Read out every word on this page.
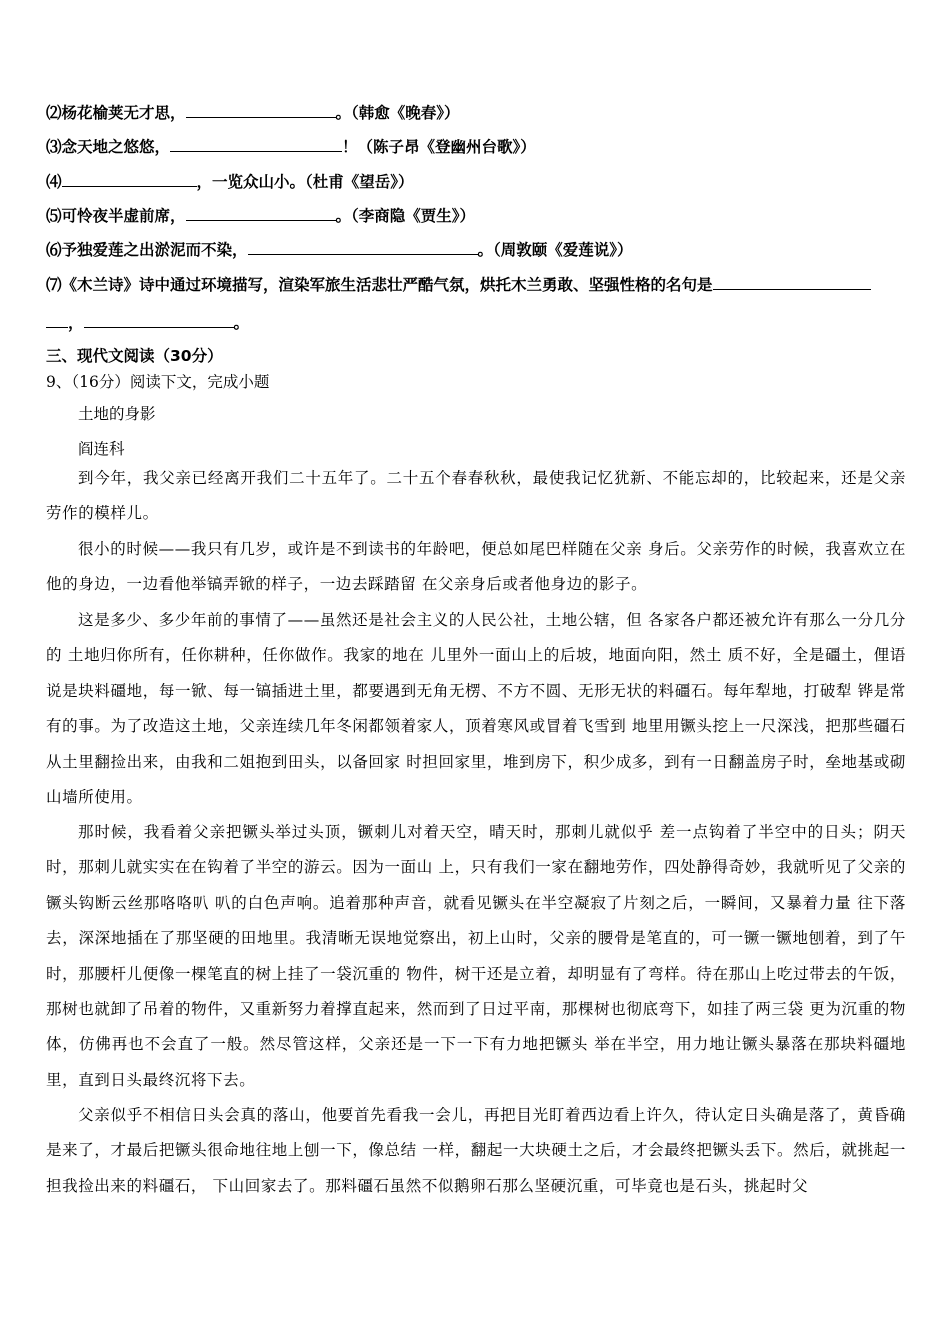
⑵杨花榆荚无才思，	。（韩愈《晚春》）
⑶念天地之悠悠，	！（陈子昂《登幽州台歌》）
⑷	，一览众山小。（杜甫《望岳》）
⑸可怜夜半虚前席，	。（李商隐《贾生》）
⑹予独爱莲之出淤泥而不染，	。（周敦颐《爱莲说》）
⑺《木兰诗》诗中通过环境描写，渲染军旅生活悲壮严酷气氛，烘托木兰勇敢、坚强性格的名句是
，	。
三、现代文阅读（30分）
9、（16分）阅读下文，完成小题
土地的身影
阎连科
到今年，我父亲已经离开我们二十五年了。二十五个春春秋秋，最使我记忆犹新、不能忘却的，比较起来，还是父亲劳作的模样儿。
很小的时候——我只有几岁，或许是不到读书的年龄吧，便总如尾巴样随在父亲 身后。父亲劳作的时候，我喜欢立在他的身边，一边看他举镐弄锨的样子，一边去踩踏留 在父亲身后或者他身边的影子。
这是多少、多少年前的事情了——虽然还是社会主义的人民公社，土地公辖，但 各家各户都还被允许有那么一分几分的 土地归你所有，任你耕种，任你做作。我家的地在 儿里外一面山上的后坡，地面向阳，然土 质不好，全是礓土，俚语说是块料礓地，每一锨、每一镐插进土里，都要遇到无角无楞、不方不圆、无形无状的料礓石。每年犁地，打破犁 铧是常有的事。为了改造这土地，父亲连续几年冬闲都领着家人，顶着寒风或冒着飞雪到 地里用镢头挖上一尺深浅，把那些礓石从土里翻捡出来，由我和二姐抱到田头，以备回家 时担回家里，堆到房下，积少成多，到有一日翻盖房子时，垒地基或砌山墙所使用。
那时候，我看着父亲把镢头举过头顶，镢刺儿对着天空，晴天时，那刺儿就似乎 差一点钩着了半空中的日头；阴天时，那刺儿就实实在在钩着了半空的游云。因为一面山 上，只有我们一家在翻地劳作，四处静得奇妙，我就听见了父亲的镢头钩断云丝那咯咯叭 叭的白色声响。追着那种声音，就看见镢头在半空凝寂了片刻之后，一瞬间，又暴着力量 往下落去，深深地插在了那坚硬的田地里。我清晰无误地觉察出，初上山时，父亲的腰骨是笔直的，可一镢一镢地刨着，到了午时，那腰杆儿便像一棵笔直的树上挂了一袋沉重的 物件，树干还是立着，却明显有了弯样。待在那山上吃过带去的午饭，那树也就卸了吊着的物件，又重新努力着撑直起来，然而到了日过平南，那棵树也彻底弯下，如挂了两三袋 更为沉重的物体，仿佛再也不会直了一般。然尽管这样，父亲还是一下一下有力地把镢头 举在半空，用力地让镢头暴落在那块料礓地里，直到日头最终沉将下去。
父亲似乎不相信日头会真的落山，他要首先看我一会儿，再把目光盯着西边看上许久，待认定日头确是落了，黄昏确是来了，才最后把镢头很命地往地上刨一下，像总结 一样，翻起一大块硬土之后，才会最终把镢头丢下。然后，就挑起一担我捡出来的料礓石， 下山回家去了。那料礓石虽然不似鹅卵石那么坚硬沉重，可毕竟也是石头，挑起时父
